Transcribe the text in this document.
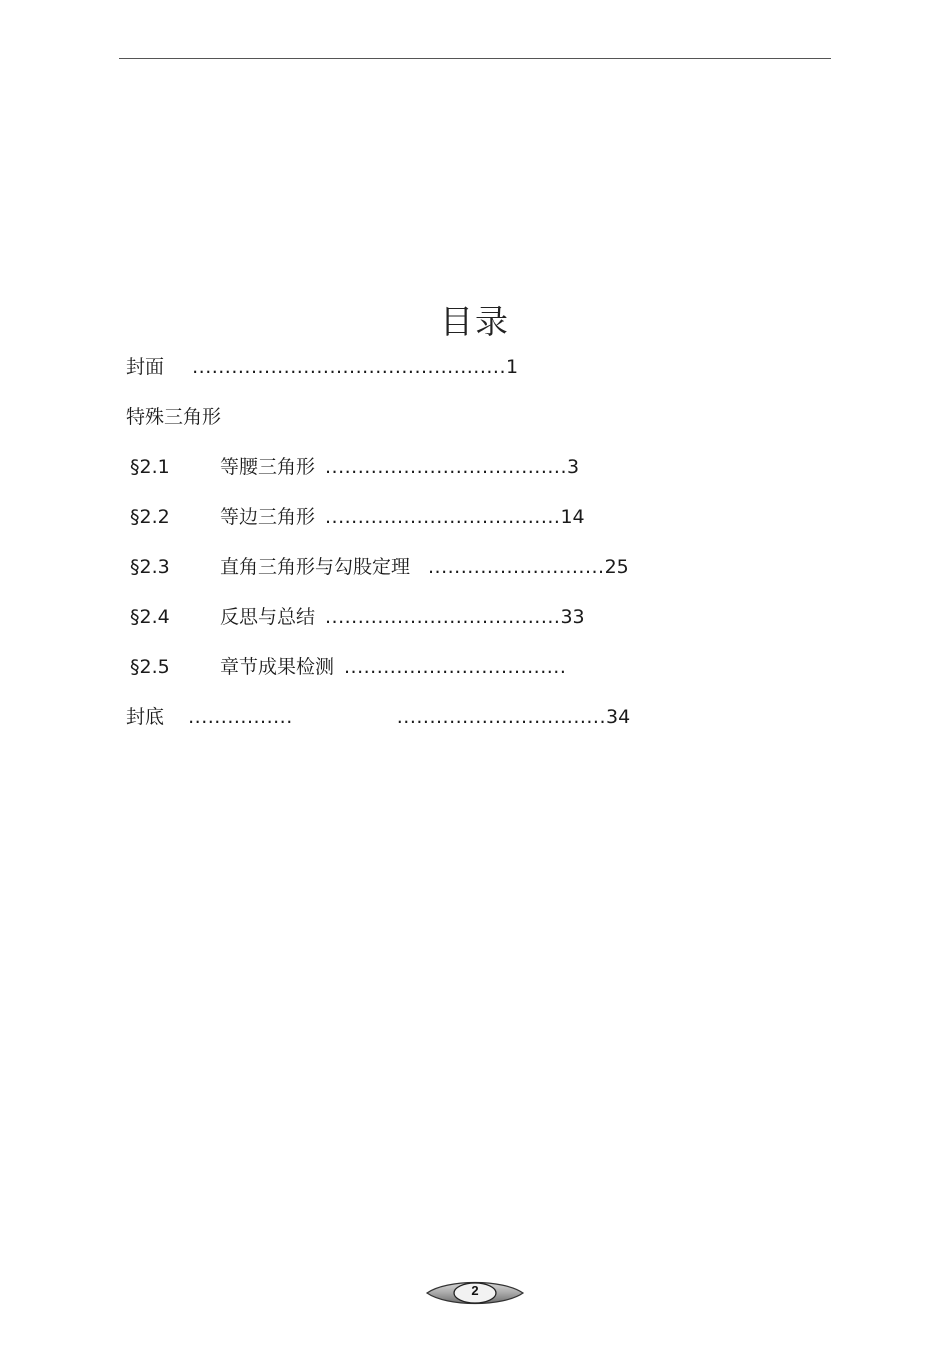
目录
封面 ................................................1
特殊三角形
§2.1	等腰三角形 .....................................3
§2.2	等边三角形 ....................................14
§2.3	直角三角形与勾股定理 ...........................25
§2.4	反思与总结 ....................................33
§2.5	章节成果检测 ..................................
封底 ................	................................34
2
